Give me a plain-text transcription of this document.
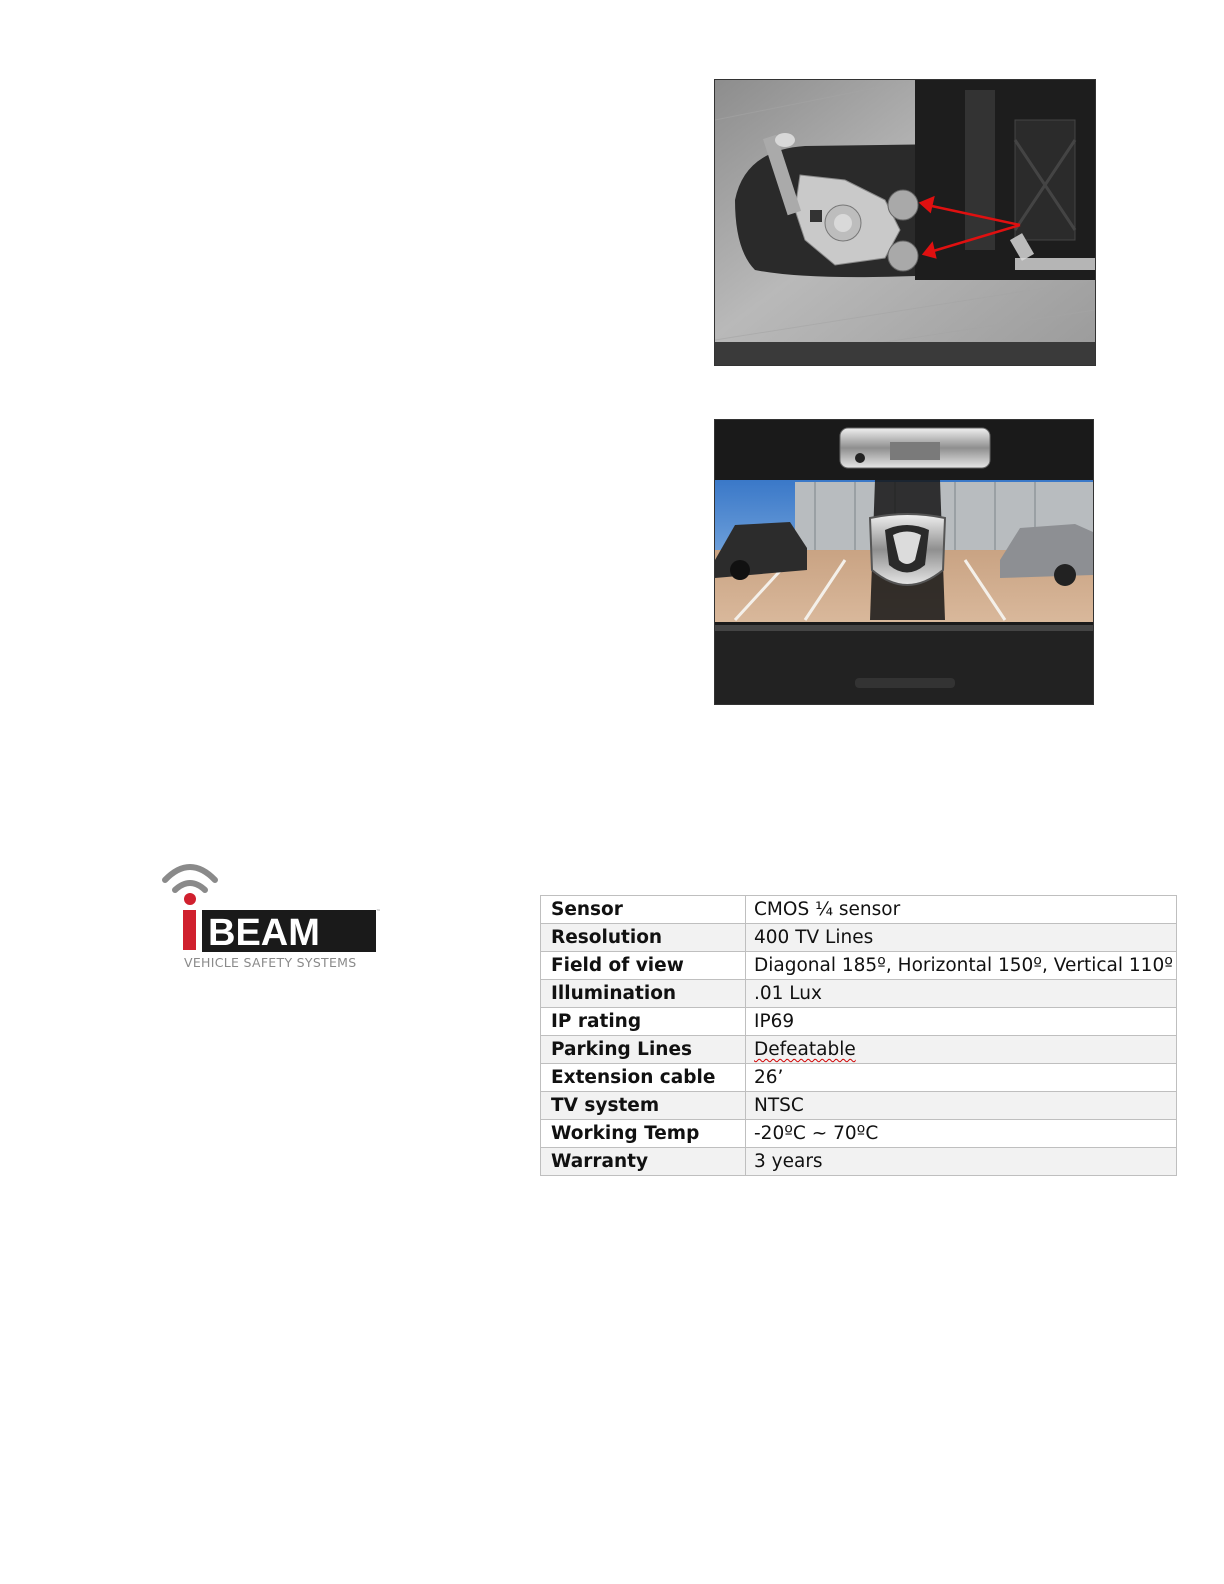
BEAM	™
VEHICLE SAFETY SYSTEMS
Sensor	CMOS ¼ sensor
Resolution	400 TV Lines
Field of view	Diagonal 185º, Horizontal 150º, Vertical 110º
Illumination	.01 Lux
IP rating	IP69
Parking Lines	Defeatable
Extension cable	26’
TV system	NTSC
Working Temp	-20ºC ~ 70ºC
Warranty	3 years
